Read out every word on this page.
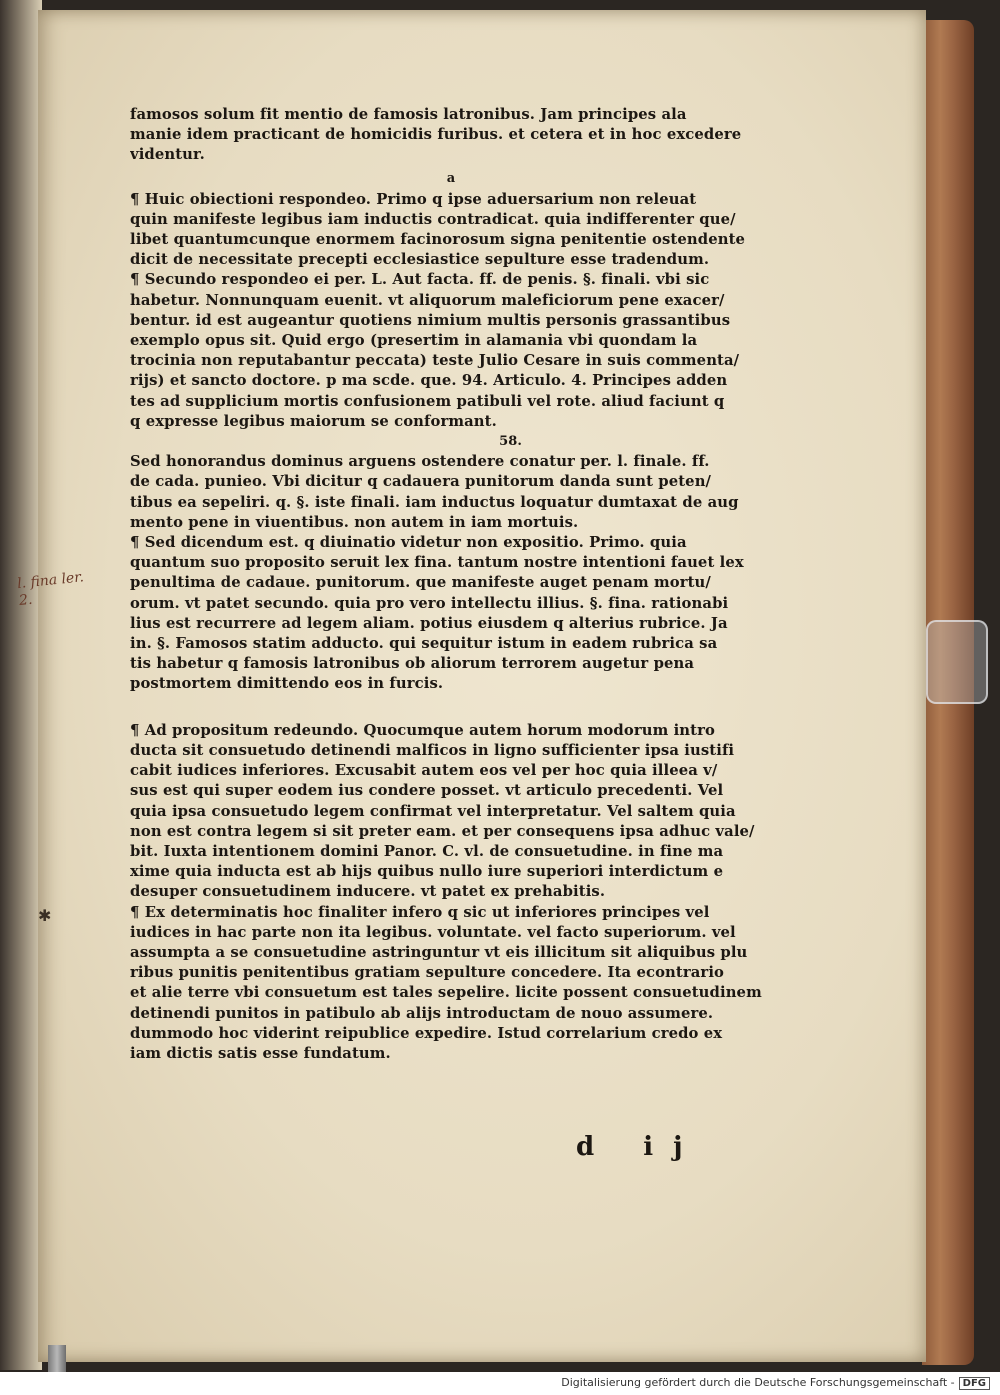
famosos solum fit mentio de famosis latronibus. Jam principes ala
manie idem practicant de homicidis furibus. et cetera et in hoc excedere
videntur.
a
¶ Huic obiectioni respondeo. Primo q ipse aduersarium non releuat
quin manifeste legibus iam inductis contradicat. quia indifferenter que/
libet quantumcunque enormem facinorosum signa penitentie ostendente
dicit de necessitate precepti ecclesiastice sepulture esse tradendum.
¶ Secundo respondeo ei per. L. Aut facta. ff. de penis. §. finali. vbi sic
habetur. Nonnunquam euenit. vt aliquorum maleficiorum pene exacer/
bentur. id est augeantur quotiens nimium multis personis grassantibus
exemplo opus sit. Quid ergo (presertim in alamania vbi quondam la
trocinia non reputabantur peccata) teste Julio Cesare in suis commenta/
rijs) et sancto doctore. p ma scde. que. 94. Articulo. 4. Principes adden
tes ad supplicium mortis confusionem patibuli vel rote. aliud faciunt q
q expresse legibus maiorum se conformant.
58.
Sed honorandus dominus arguens ostendere conatur per. l. finale. ff.
de cada. punieo. Vbi dicitur q cadauera punitorum danda sunt peten/
tibus ea sepeliri. q. §. iste finali. iam inductus loquatur dumtaxat de aug
mento pene in viuentibus. non autem in iam mortuis.
¶ Sed dicendum est. q diuinatio videtur non expositio. Primo. quia
quantum suo proposito seruit lex fina. tantum nostre intentioni fauet lex
penultima de cadaue. punitorum. que manifeste auget penam mortu/
orum. vt patet secundo. quia pro vero intellectu illius. §. fina. rationabi
lius est recurrere ad legem aliam. potius eiusdem q alterius rubrice. Ja
in. §. Famosos statim adducto. qui sequitur istum in eadem rubrica sa
tis habetur q famosis latronibus ob aliorum terrorem augetur pena
postmortem dimittendo eos in furcis.
¶ Ad propositum redeundo. Quocumque autem horum modorum intro
ducta sit consuetudo detinendi malficos in ligno sufficienter ipsa iustifi
cabit iudices inferiores. Excusabit autem eos vel per hoc quia illeea v/
sus est qui super eodem ius condere posset. vt articulo precedenti. Vel
quia ipsa consuetudo legem confirmat vel interpretatur. Vel saltem quia
non est contra legem si sit preter eam. et per consequens ipsa adhuc vale/
bit. Iuxta intentionem domini Panor. C. vl. de consuetudine. in fine ma
xime quia inducta est ab hijs quibus nullo iure superiori interdictum e
desuper consuetudinem inducere. vt patet ex prehabitis.
¶ Ex determinatis hoc finaliter infero q sic ut inferiores principes vel
iudices in hac parte non ita legibus. voluntate. vel facto superiorum. vel
assumpta a se consuetudine astringuntur vt eis illicitum sit aliquibus plu
ribus punitis penitentibus gratiam sepulture concedere. Ita econtrario
et alie terre vbi consuetum est tales sepelire. licite possent consuetudinem
detinendi punitos in patibulo ab alijs introductam de nouo assumere.
dummodo hoc viderint reipublice expedire. Istud correlarium credo ex
iam dictis satis esse fundatum.
d ij
l. fina ler. 2.
✱
Digitalisierung gefördert durch die Deutsche Forschungsgemeinschaft - DFG
